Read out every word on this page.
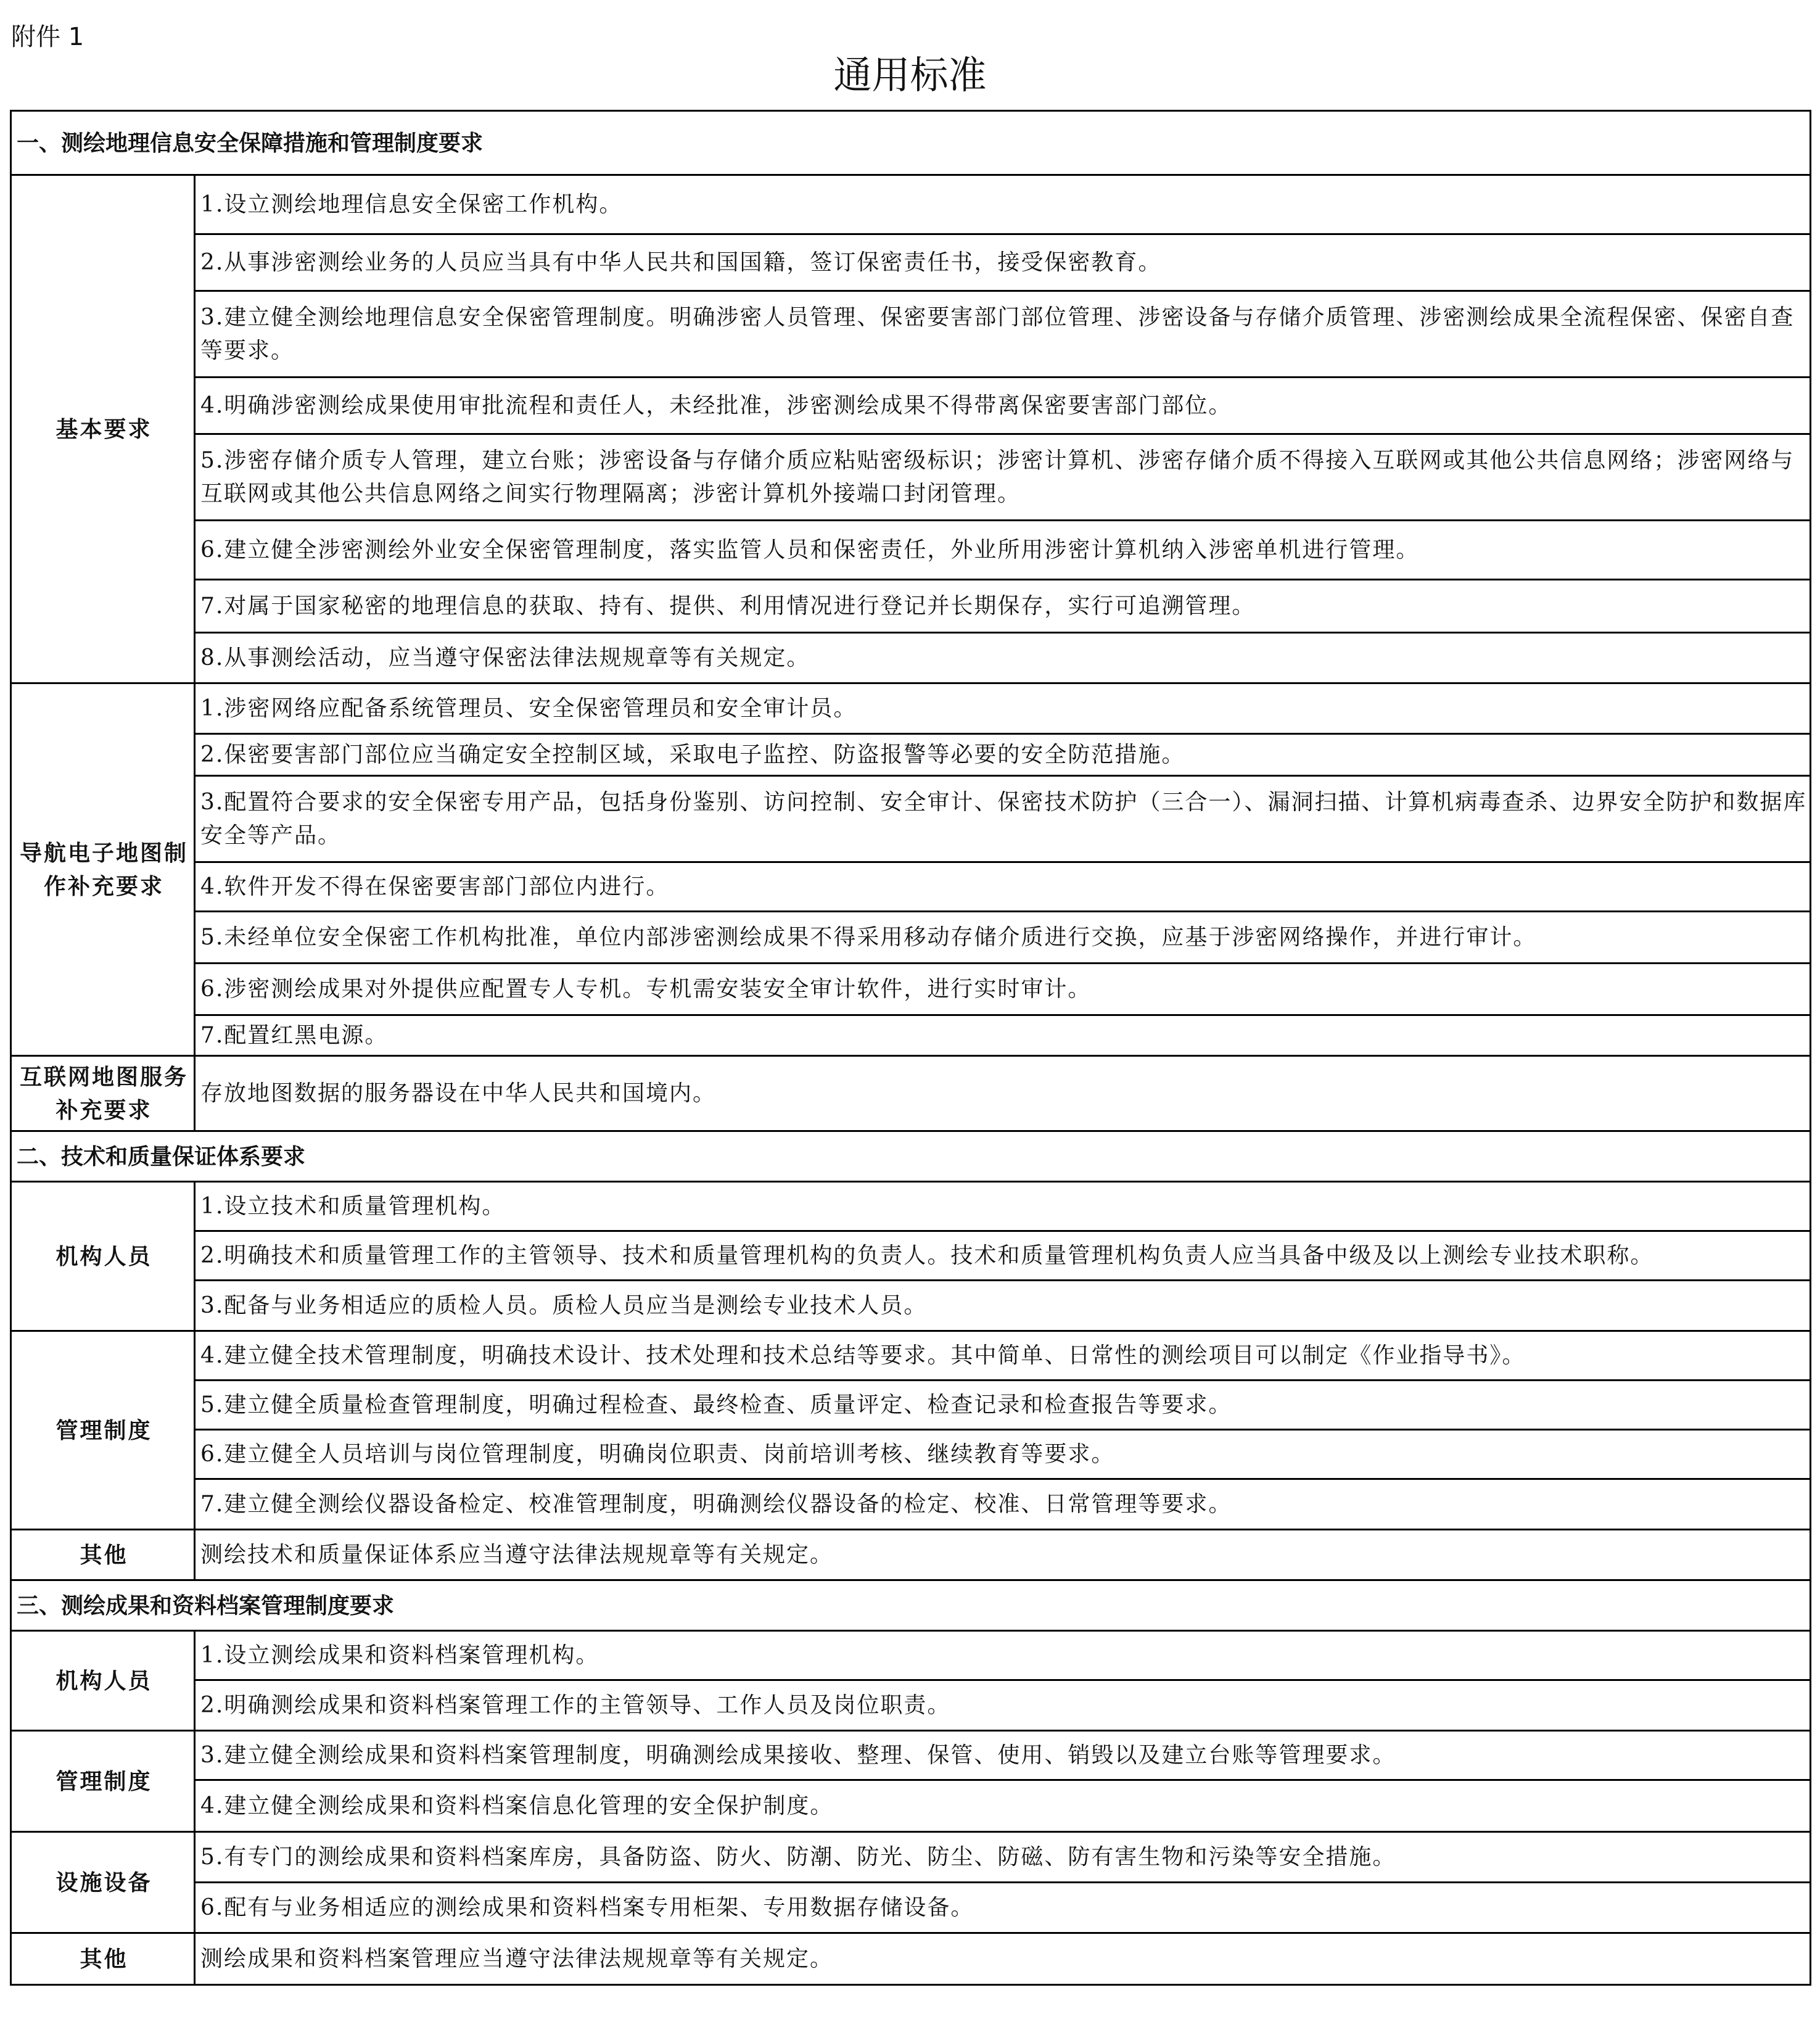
附件 1
通用标准
一、测绘地理信息安全保障措施和管理制度要求	
基本要求	1.设立测绘地理信息安全保密工作机构。
	2.从事涉密测绘业务的人员应当具有中华人民共和国国籍，签订保密责任书，接受保密教育。
	3.建立健全测绘地理信息安全保密管理制度。明确涉密人员管理、保密要害部门部位管理、涉密设备与存储介质管理、涉密测绘成果全流程保密、保密自查等要求。
	4.明确涉密测绘成果使用审批流程和责任人，未经批准，涉密测绘成果不得带离保密要害部门部位。
	5.涉密存储介质专人管理，建立台账；涉密设备与存储介质应粘贴密级标识；涉密计算机、涉密存储介质不得接入互联网或其他公共信息网络；涉密网络与互联网或其他公共信息网络之间实行物理隔离；涉密计算机外接端口封闭管理。
	6.建立健全涉密测绘外业安全保密管理制度，落实监管人员和保密责任，外业所用涉密计算机纳入涉密单机进行管理。
	7.对属于国家秘密的地理信息的获取、持有、提供、利用情况进行登记并长期保存，实行可追溯管理。
	8.从事测绘活动，应当遵守保密法律法规规章等有关规定。
导航电子地图制作补充要求	1.涉密网络应配备系统管理员、安全保密管理员和安全审计员。
	2.保密要害部门部位应当确定安全控制区域，采取电子监控、防盗报警等必要的安全防范措施。
	3.配置符合要求的安全保密专用产品，包括身份鉴别、访问控制、安全审计、保密技术防护（三合一）、漏洞扫描、计算机病毒查杀、边界安全防护和数据库安全等产品。
	4.软件开发不得在保密要害部门部位内进行。
	5.未经单位安全保密工作机构批准，单位内部涉密测绘成果不得采用移动存储介质进行交换，应基于涉密网络操作，并进行审计。
	6.涉密测绘成果对外提供应配置专人专机。专机需安装安全审计软件，进行实时审计。
	7.配置红黑电源。
互联网地图服务补充要求	存放地图数据的服务器设在中华人民共和国境内。
二、技术和质量保证体系要求	
机构人员	1.设立技术和质量管理机构。
	2.明确技术和质量管理工作的主管领导、技术和质量管理机构的负责人。技术和质量管理机构负责人应当具备中级及以上测绘专业技术职称。
	3.配备与业务相适应的质检人员。质检人员应当是测绘专业技术人员。
管理制度	4.建立健全技术管理制度，明确技术设计、技术处理和技术总结等要求。其中简单、日常性的测绘项目可以制定《作业指导书》。
	5.建立健全质量检查管理制度，明确过程检查、最终检查、质量评定、检查记录和检查报告等要求。
	6.建立健全人员培训与岗位管理制度，明确岗位职责、岗前培训考核、继续教育等要求。
	7.建立健全测绘仪器设备检定、校准管理制度，明确测绘仪器设备的检定、校准、日常管理等要求。
其他	测绘技术和质量保证体系应当遵守法律法规规章等有关规定。
三、测绘成果和资料档案管理制度要求	
机构人员	1.设立测绘成果和资料档案管理机构。
	2.明确测绘成果和资料档案管理工作的主管领导、工作人员及岗位职责。
管理制度	3.建立健全测绘成果和资料档案管理制度，明确测绘成果接收、整理、保管、使用、销毁以及建立台账等管理要求。
	4.建立健全测绘成果和资料档案信息化管理的安全保护制度。
设施设备	5.有专门的测绘成果和资料档案库房，具备防盗、防火、防潮、防光、防尘、防磁、防有害生物和污染等安全措施。
	6.配有与业务相适应的测绘成果和资料档案专用柜架、专用数据存储设备。
其他	测绘成果和资料档案管理应当遵守法律法规规章等有关规定。
